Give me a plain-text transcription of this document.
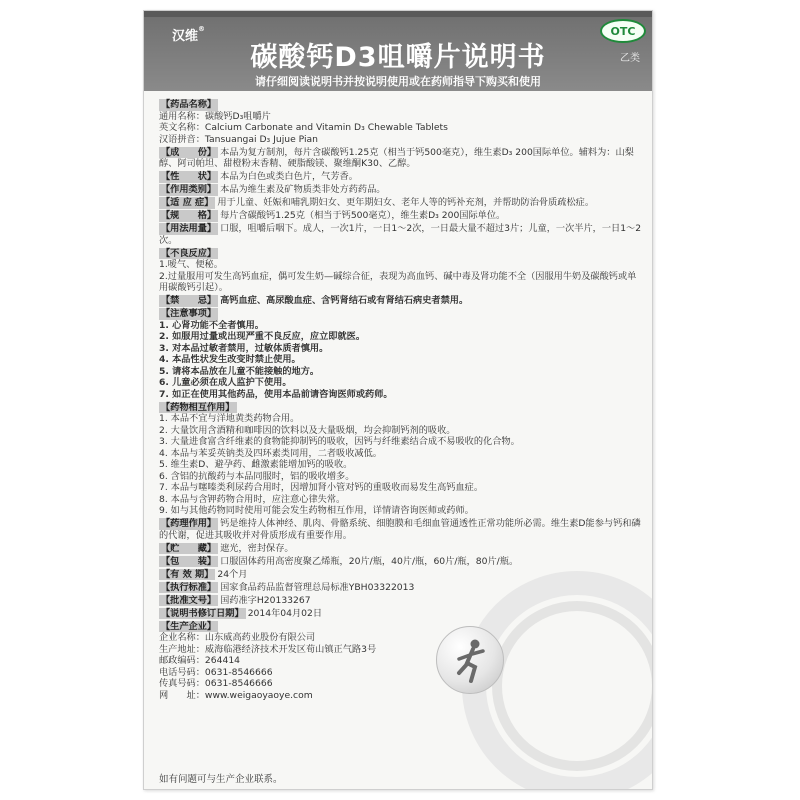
汉维®	OTC
乙类
碳酸钙D3咀嚼片说明书
请仔细阅读说明书并按说明使用或在药师指导下购买和使用
【药品名称】
通用名称：碳酸钙D₃咀嚼片
英文名称：Calcium Carbonate and Vitamin D₃ Chewable Tablets
汉语拼音：Tansuangai D₃ Jujue Pian
【成　　份】 本品为复方制剂，每片含碳酸钙1.25克（相当于钙500毫克），维生素D₃ 200国际单位。辅料为：山梨醇、阿司帕坦、甜橙粉末香精、硬脂酸镁、聚维酮K30、乙醇。
【性　　状】 本品为白色或类白色片，气芳香。
【作用类别】 本品为维生素及矿物质类非处方药药品。
【适 应 症】 用于儿童、妊娠和哺乳期妇女、更年期妇女、老年人等的钙补充剂，并帮助防治骨质疏松症。
【规　　格】 每片含碳酸钙1.25克（相当于钙500毫克），维生素D₃ 200国际单位。
【用法用量】 口服，咀嚼后咽下。成人，一次1片，一日1～2次，一日最大量不超过3片；儿童，一次半片，一日1～2次。
【不良反应】
1.嗳气、便秘。
2.过量服用可发生高钙血症，偶可发生奶—碱综合征，表现为高血钙、碱中毒及肾功能不全（因服用牛奶及碳酸钙或单用碳酸钙引起）。
【禁　　忌】 高钙血症、高尿酸血症、含钙肾结石或有肾结石病史者禁用。
【注意事项】
1. 心肾功能不全者慎用。
2. 如服用过量或出现严重不良反应，应立即就医。
3. 对本品过敏者禁用，过敏体质者慎用。
4. 本品性状发生改变时禁止使用。
5. 请将本品放在儿童不能接触的地方。
6. 儿童必须在成人监护下使用。
7. 如正在使用其他药品，使用本品前请咨询医师或药师。
【药物相互作用】
1. 本品不宜与洋地黄类药物合用。
2. 大量饮用含酒精和咖啡因的饮料以及大量吸烟，均会抑制钙剂的吸收。
3. 大量进食富含纤维素的食物能抑制钙的吸收，因钙与纤维素结合成不易吸收的化合物。
4. 本品与苯妥英钠类及四环素类同用，二者吸收减低。
5. 维生素D、避孕药、雌激素能增加钙的吸收。
6. 含铝的抗酸药与本品同服时，铝的吸收增多。
7. 本品与噻嗪类利尿药合用时，因增加肾小管对钙的重吸收而易发生高钙血症。
8. 本品与含钾药物合用时，应注意心律失常。
9. 如与其他药物同时使用可能会发生药物相互作用，详情请咨询医师或药师。
【药理作用】 钙是维持人体神经、肌肉、骨骼系统、细胞膜和毛细血管通透性正常功能所必需。维生素D能参与钙和磷的代谢，促进其吸收并对骨质形成有重要作用。
【贮　　藏】 遮光，密封保存。
【包　　装】 口服固体药用高密度聚乙烯瓶，20片/瓶，40片/瓶，60片/瓶，80片/瓶。
【有 效 期】 24个月
【执行标准】 国家食品药品监督管理总局标准YBH03322013
【批准文号】 国药准字H20133267
【说明书修订日期】 2014年04月02日
【生产企业】
企业名称：山东威高药业股份有限公司
生产地址：威海临港经济技术开发区荀山镇正气路3号
邮政编码：264414
电话号码：0631-8546666
传真号码：0631-8546666
网　　址：www.weigaoyaoye.com
如有问题可与生产企业联系。
